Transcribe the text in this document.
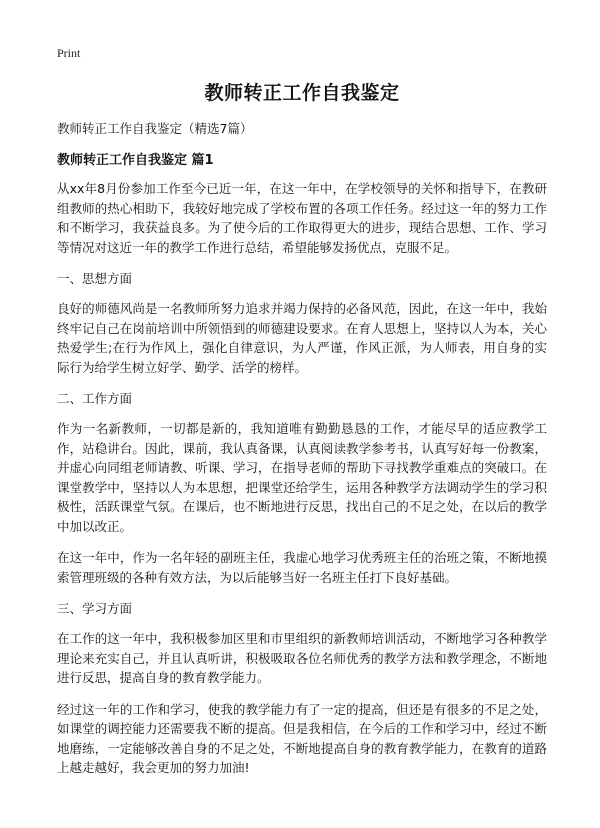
Print
教师转正工作自我鉴定
教师转正工作自我鉴定（精选7篇）
教师转正工作自我鉴定 篇1

从xx年8月份参加工作至今已近一年，在这一年中，在学校领导的关怀和指导下，在教研组教师的热心相助下，我较好地完成了学校布置的各项工作任务。经过这一年的努力工作和不断学习，我获益良多。为了使今后的工作取得更大的进步，现结合思想、工作、学习等情况对这近一年的教学工作进行总结，希望能够发扬优点，克服不足。

一、思想方面

良好的师德风尚是一名教师所努力追求并竭力保持的必备风范，因此，在这一年中，我始终牢记自己在岗前培训中所领悟到的师德建设要求。在育人思想上，坚持以人为本，关心热爱学生;在行为作风上，强化自律意识，为人严谨，作风正派，为人师表，用自身的实际行为给学生树立好学、勤学、活学的榜样。

二、工作方面

作为一名新教师，一切都是新的，我知道唯有勤勤恳恳的工作，才能尽早的适应教学工作，站稳讲台。因此，课前，我认真备课，认真阅读教学参考书，认真写好每一份教案，并虚心向同组老师请教、听课、学习，在指导老师的帮助下寻找教学重难点的突破口。在课堂教学中，坚持以人为本思想，把课堂还给学生，运用各种教学方法调动学生的学习积极性，活跃课堂气氛。在课后，也不断地进行反思，找出自己的不足之处，在以后的教学中加以改正。

在这一年中，作为一名年轻的副班主任，我虚心地学习优秀班主任的治班之策，不断地摸索管理班级的各种有效方法，为以后能够当好一名班主任打下良好基础。

三、学习方面

在工作的这一年中，我积极参加区里和市里组织的新教师培训活动，不断地学习各种教学理论来充实自己，并且认真听讲，积极吸取各位名师优秀的教学方法和教学理念，不断地进行反思，提高自身的教育教学能力。

经过这一年的工作和学习，使我的教学能力有了一定的提高，但还是有很多的不足之处，如课堂的调控能力还需要我不断的提高。但是我相信，在今后的工作和学习中，经过不断地磨练，一定能够改善自身的不足之处，不断地提高自身的教育教学能力，在教育的道路上越走越好，我会更加的努力加油!
